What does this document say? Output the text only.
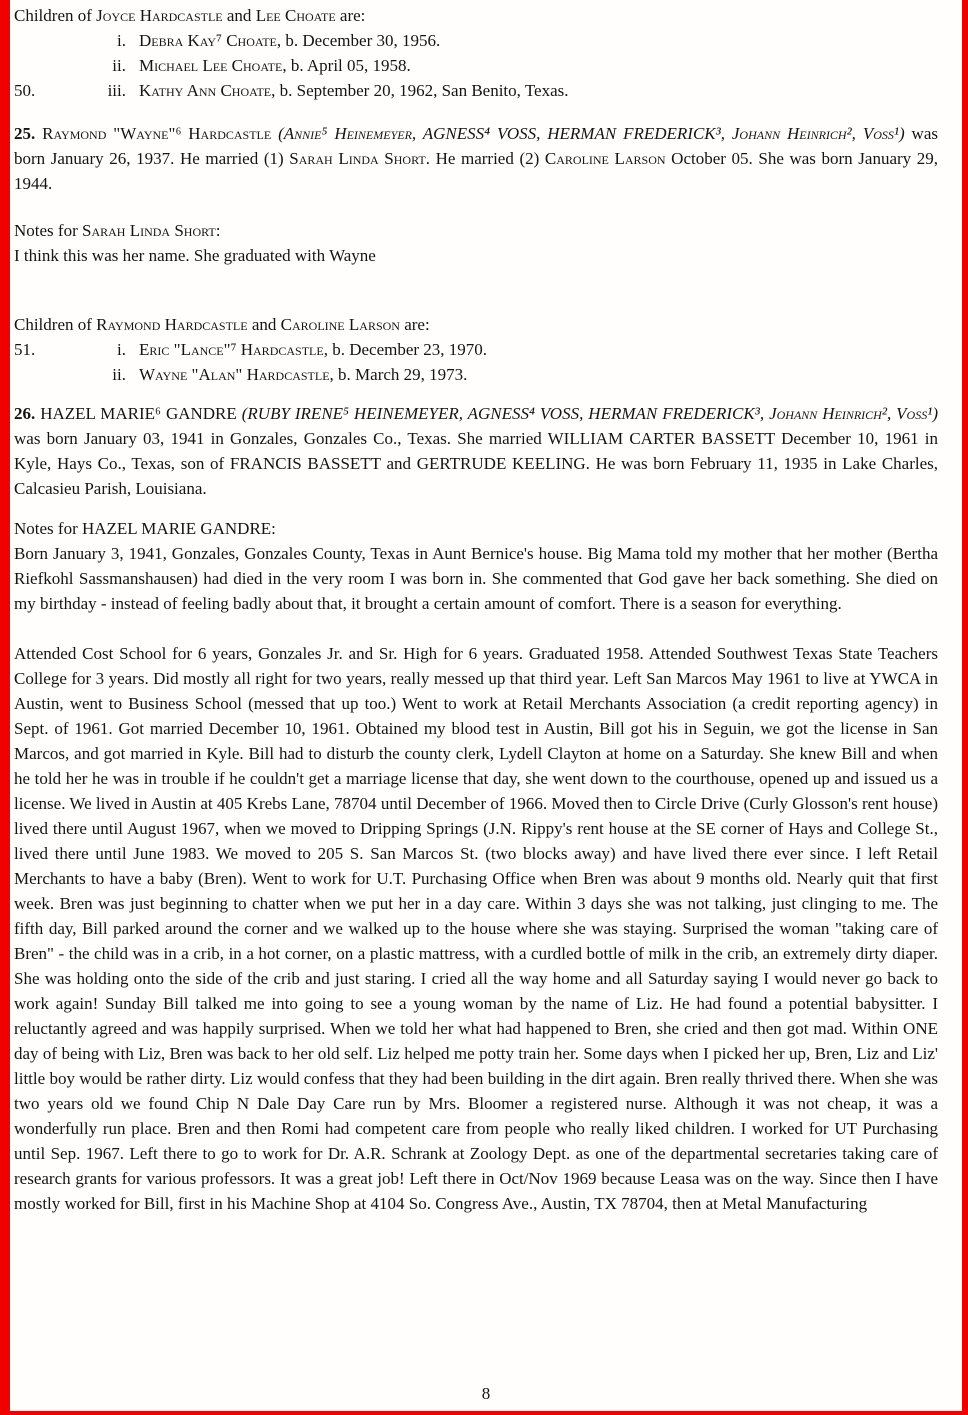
Children of Joyce Hardcastle and Lee Choate are:

i. Debra Kay⁷ Choate, b. December 30, 1956.
ii. Michael Lee Choate, b. April 05, 1958.
50.	iii. Kathy Ann Choate, b. September 20, 1962, San Benito, Texas.

25. Raymond "Wayne"⁶ Hardcastle (Annie⁵ Heinemeyer, AGNESS⁴ VOSS, HERMAN FREDERICK³, Johann Heinrich², Voss¹) was born January 26, 1937. He married (1) Sarah Linda Short. He married (2) Caroline Larson October 05. She was born January 29, 1944.

Notes for Sarah Linda Short:

I think this was her name. She graduated with Wayne

Children of Raymond Hardcastle and Caroline Larson are:

51.	i. Eric "Lance"⁷ Hardcastle, b. December 23, 1970.
ii. Wayne "Alan" Hardcastle, b. March 29, 1973.

26. HAZEL MARIE⁶ GANDRE (RUBY IRENE⁵ HEINEMEYER, AGNESS⁴ VOSS, HERMAN FREDERICK³, Johann Heinrich², Voss¹) was born January 03, 1941 in Gonzales, Gonzales Co., Texas. She married WILLIAM CARTER BASSETT December 10, 1961 in Kyle, Hays Co., Texas, son of FRANCIS BASSETT and GERTRUDE KEELING. He was born February 11, 1935 in Lake Charles, Calcasieu Parish, Louisiana.

Notes for HAZEL MARIE GANDRE:

Born January 3, 1941, Gonzales, Gonzales County, Texas in Aunt Bernice's house. Big Mama told my mother that her mother (Bertha Riefkohl Sassmanshausen) had died in the very room I was born in. She commented that God gave her back something. She died on my birthday - instead of feeling badly about that, it brought a certain amount of comfort. There is a season for everything.

Attended Cost School for 6 years, Gonzales Jr. and Sr. High for 6 years. Graduated 1958. Attended Southwest Texas State Teachers College for 3 years. Did mostly all right for two years, really messed up that third year. Left San Marcos May 1961 to live at YWCA in Austin, went to Business School (messed that up too.) Went to work at Retail Merchants Association (a credit reporting agency) in Sept. of 1961. Got married December 10, 1961. Obtained my blood test in Austin, Bill got his in Seguin, we got the license in San Marcos, and got married in Kyle. Bill had to disturb the county clerk, Lydell Clayton at home on a Saturday. She knew Bill and when he told her he was in trouble if he couldn't get a marriage license that day, she went down to the courthouse, opened up and issued us a license. We lived in Austin at 405 Krebs Lane, 78704 until December of 1966. Moved then to Circle Drive (Curly Glosson's rent house) lived there until August 1967, when we moved to Dripping Springs (J.N. Rippy's rent house at the SE corner of Hays and College St., lived there until June 1983. We moved to 205 S. San Marcos St. (two blocks away) and have lived there ever since. I left Retail Merchants to have a baby (Bren). Went to work for U.T. Purchasing Office when Bren was about 9 months old. Nearly quit that first week. Bren was just beginning to chatter when we put her in a day care. Within 3 days she was not talking, just clinging to me. The fifth day, Bill parked around the corner and we walked up to the house where she was staying. Surprised the woman "taking care of Bren" - the child was in a crib, in a hot corner, on a plastic mattress, with a curdled bottle of milk in the crib, an extremely dirty diaper. She was holding onto the side of the crib and just staring. I cried all the way home and all Saturday saying I would never go back to work again! Sunday Bill talked me into going to see a young woman by the name of Liz. He had found a potential babysitter. I reluctantly agreed and was happily surprised. When we told her what had happened to Bren, she cried and then got mad. Within ONE day of being with Liz, Bren was back to her old self. Liz helped me potty train her. Some days when I picked her up, Bren, Liz and Liz' little boy would be rather dirty. Liz would confess that they had been building in the dirt again. Bren really thrived there. When she was two years old we found Chip N Dale Day Care run by Mrs. Bloomer a registered nurse. Although it was not cheap, it was a wonderfully run place. Bren and then Romi had competent care from people who really liked children. I worked for UT Purchasing until Sep. 1967. Left there to go to work for Dr. A.R. Schrank at Zoology Dept. as one of the departmental secretaries taking care of research grants for various professors. It was a great job! Left there in Oct/Nov 1969 because Leasa was on the way. Since then I have mostly worked for Bill, first in his Machine Shop at 4104 So. Congress Ave., Austin, TX 78704, then at Metal Manufacturing

8
